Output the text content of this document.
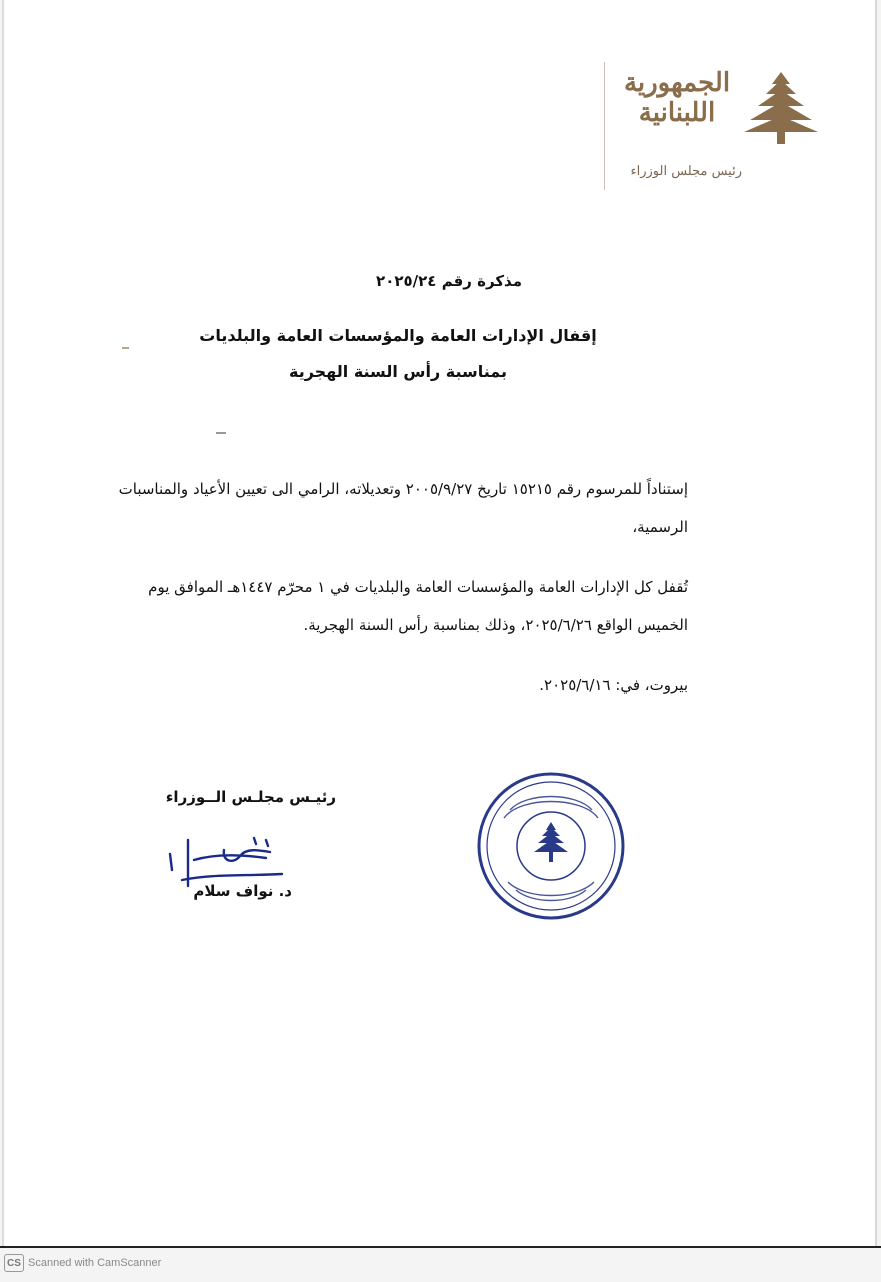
الجمهورية
اللبنانية
رئيس مجلس الوزراء
مذكرة رقم ٢٠٢٥/٢٤
إقفال الإدارات العامة والمؤسسات العامة والبلديات
بمناسبة رأس السنة الهجرية
إستناداً للمرسوم رقم ١٥٢١٥ تاريخ ٢٠٠٥/٩/٢٧ وتعديلاته، الرامي الى تعيين الأعياد والمناسبات الرسمية،
تُقفل كل الإدارات العامة والمؤسسات العامة والبلديات في ١ محرّم ١٤٤٧هـ الموافق يوم الخميس الواقع ٢٠٢٥/٦/٢٦، وذلك بمناسبة رأس السنة الهجرية.
بيروت، في: ٢٠٢٥/٦/١٦.
رئيـس مجلـس الــوزراء
د. نواف سلام
CS Scanned with CamScanner
